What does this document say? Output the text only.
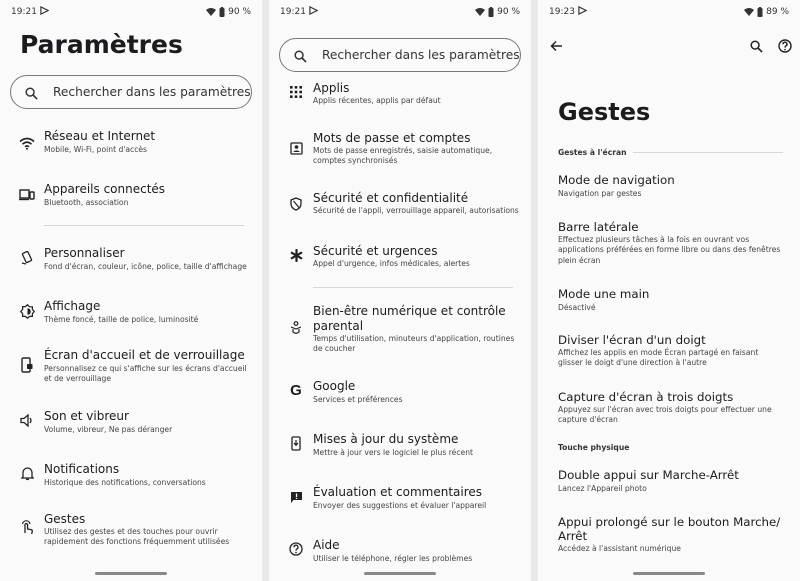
19:21	90 %
Paramètres
Rechercher dans les paramètres
Réseau et Internet
Mobile, Wi-Fi, point d'accès
Appareils connectés
Bluetooth, association
Personnaliser
Fond d'écran, couleur, icône, police, taille d'affichage
Affichage
Thème foncé, taille de police, luminosité
Écran d'accueil et de verrouillage
Personnalisez ce qui s'affiche sur les écrans d'accueil et de verrouillage
Son et vibreur
Volume, vibreur, Ne pas déranger
Notifications
Historique des notifications, conversations
Gestes
Utilisez des gestes et des touches pour ouvrir rapidement des fonctions fréquemment utilisées
19:21	90 %
Rechercher dans les paramètres
Applis
Applis récentes, applis par défaut
Mots de passe et comptes
Mots de passe enregistrés, saisie automatique, comptes synchronisés
Sécurité et confidentialité
Sécurité de l'appli, verrouillage appareil, autorisations
Sécurité et urgences
Appel d'urgence, infos médicales, alertes
Bien-être numérique et contrôle parental
Temps d'utilisation, minuteurs d'application, routines de coucher
G Google
Services et préférences
Mises à jour du système
Mettre à jour vers le logiciel le plus récent
Évaluation et commentaires
Envoyer des suggestions et évaluer l'appareil
Aide
Utiliser le téléphone, régler les problèmes
19:23	89 %
Gestes
Gestes à l'écran
Mode de navigation
Navigation par gestes
Barre latérale
Effectuez plusieurs tâches à la fois en ouvrant vos applications préférées en forme libre ou dans des fenêtres plein écran
Mode une main
Désactivé
Diviser l'écran d'un doigt
Affichez les applis en mode Écran partagé en faisant glisser le doigt d'une direction à l'autre
Capture d'écran à trois doigts
Appuyez sur l'écran avec trois doigts pour effectuer une capture d'écran
Touche physique
Double appui sur Marche-Arrêt
Lancez l'Appareil photo
Appui prolongé sur le bouton Marche/ Arrêt
Accédez à l'assistant numérique
